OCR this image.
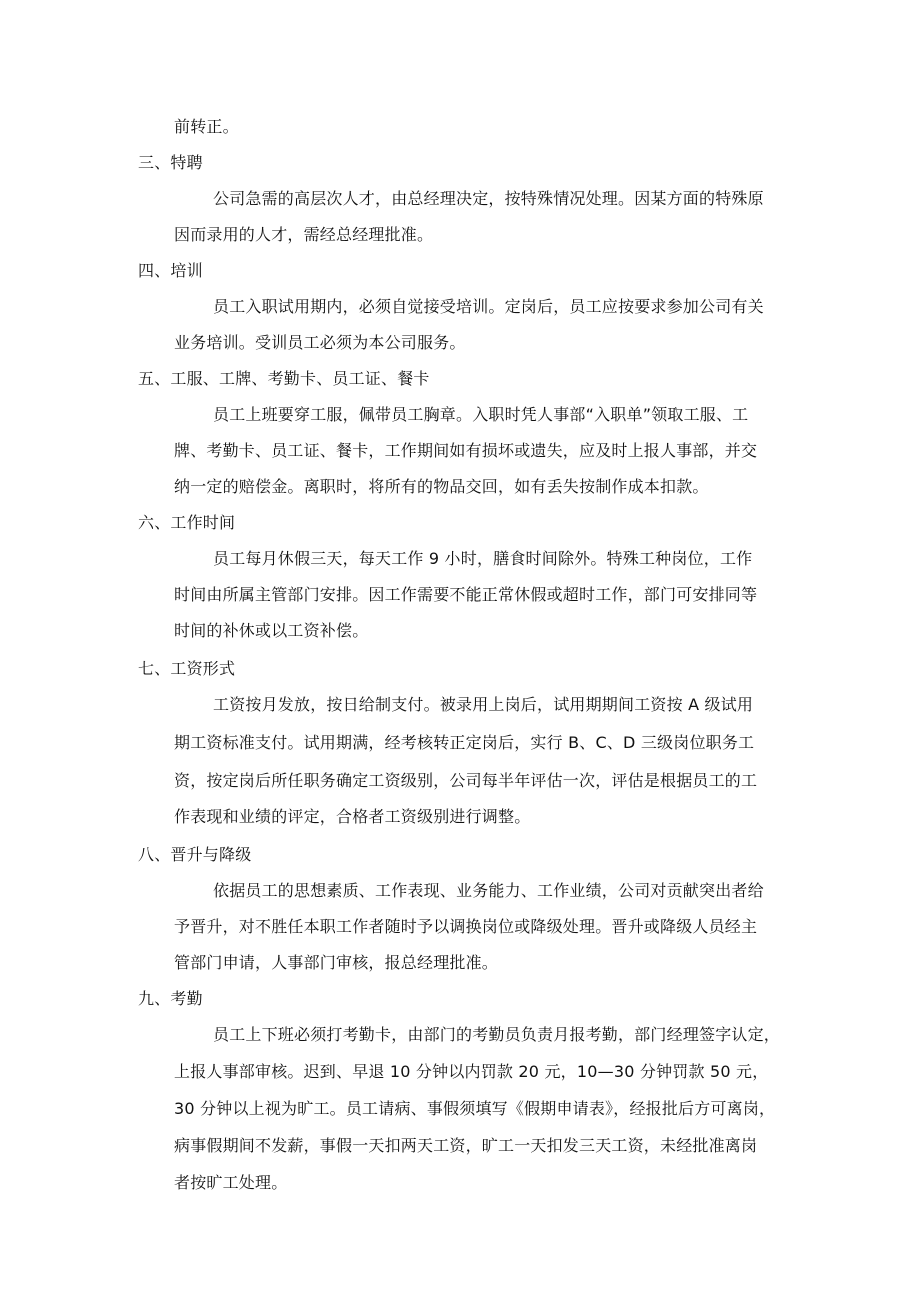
前转正。
三、特聘
公司急需的高层次人才，由总经理决定，按特殊情况处理。因某方面的特殊原
因而录用的人才，需经总经理批准。
四、培训
员工入职试用期内，必须自觉接受培训。定岗后，员工应按要求参加公司有关
业务培训。受训员工必须为本公司服务。
五、工服、工牌、考勤卡、员工证、餐卡
员工上班要穿工服，佩带员工胸章。入职时凭人事部“入职单”领取工服、工
牌、考勤卡、员工证、餐卡，工作期间如有损坏或遗失，应及时上报人事部，并交
纳一定的赔偿金。离职时，将所有的物品交回，如有丢失按制作成本扣款。
六、工作时间
员工每月休假三天，每天工作 9 小时，膳食时间除外。特殊工种岗位，工作
时间由所属主管部门安排。因工作需要不能正常休假或超时工作，部门可安排同等
时间的补休或以工资补偿。
七、工资形式
工资按月发放，按日给制支付。被录用上岗后，试用期期间工资按 A 级试用
期工资标准支付。试用期满，经考核转正定岗后，实行 B、C、D 三级岗位职务工
资，按定岗后所任职务确定工资级别，公司每半年评估一次，评估是根据员工的工
作表现和业绩的评定，合格者工资级别进行调整。
八、晋升与降级
依据员工的思想素质、工作表现、业务能力、工作业绩，公司对贡献突出者给
予晋升，对不胜任本职工作者随时予以调换岗位或降级处理。晋升或降级人员经主
管部门申请，人事部门审核，报总经理批准。
九、考勤
员工上下班必须打考勤卡，由部门的考勤员负责月报考勤，部门经理签字认定，
上报人事部审核。迟到、早退 10 分钟以内罚款 20 元，10—30 分钟罚款 50 元，
30 分钟以上视为旷工。员工请病、事假须填写《假期申请表》，经报批后方可离岗，
病事假期间不发薪，事假一天扣两天工资，旷工一天扣发三天工资，未经批准离岗
者按旷工处理。
